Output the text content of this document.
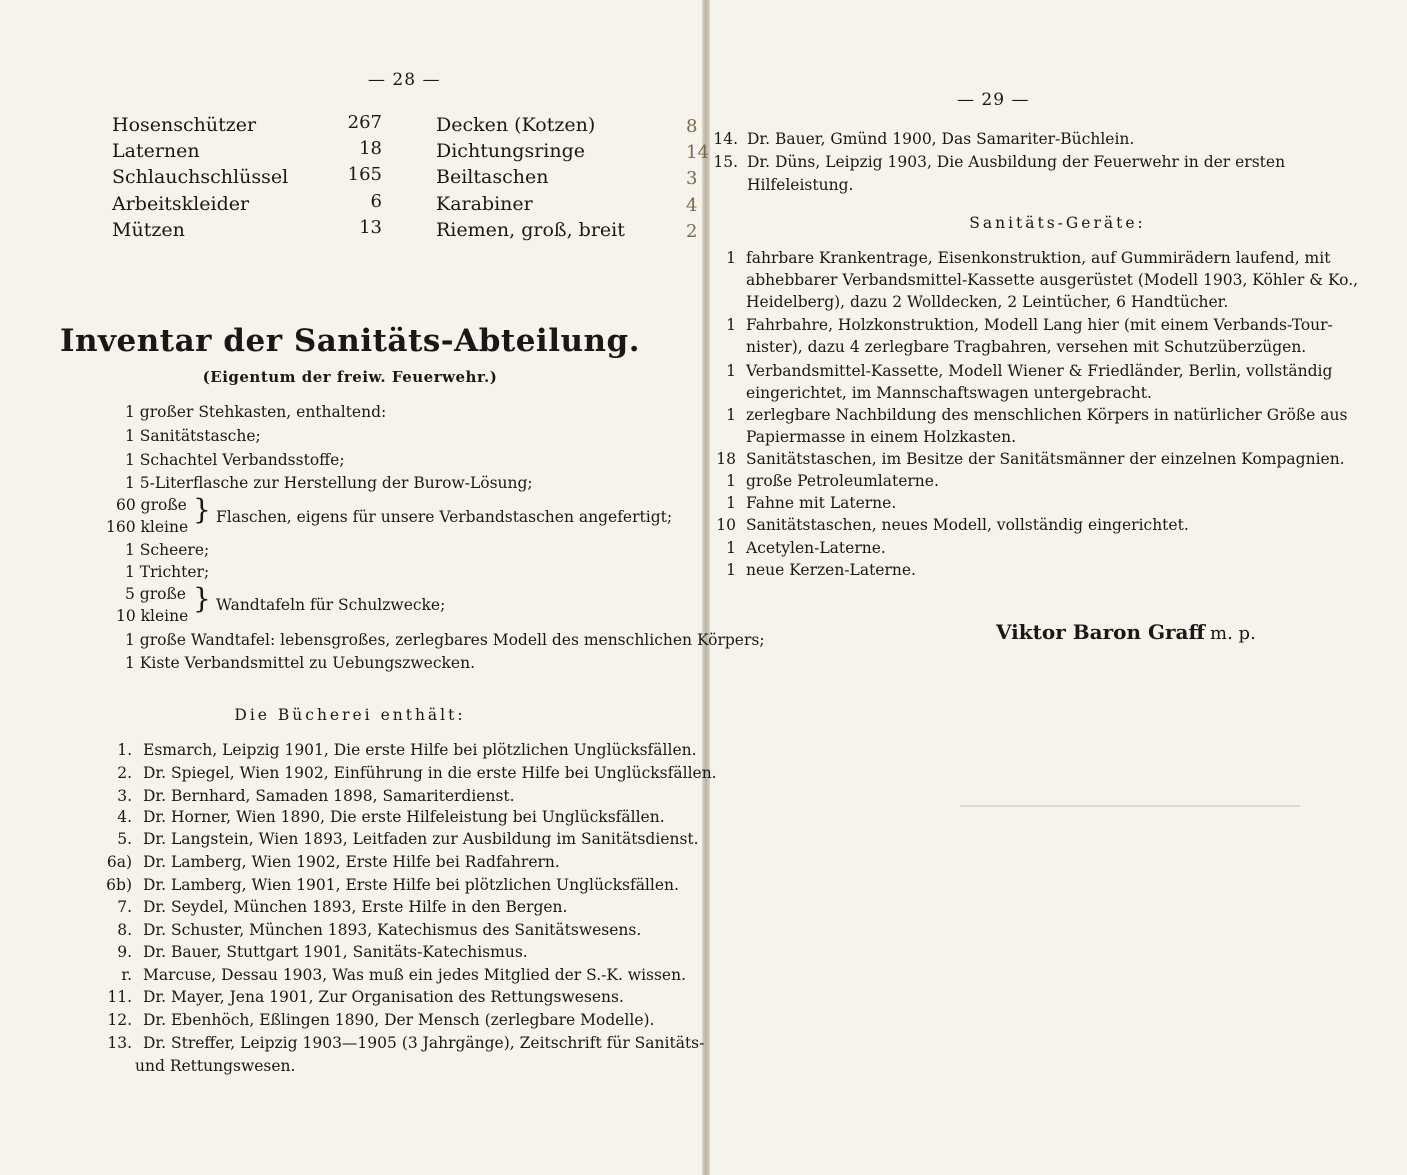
— 28 —
Hosenschützer	267
Laternen	18
Schlauchschlüssel	165
Arbeitskleider	6
Mützen	13
Decken (Kotzen)	8
Dichtungsringe	14
Beiltaschen	3
Karabiner	4
Riemen, groß, breit	2
Inventar der Sanitäts-Abteilung.
(Eigentum der freiw. Feuerwehr.)
1 großer Stehkasten, enthaltend:
1 Sanitätstasche;
1 Schachtel Verbandsstoffe;
1 5-Literflasche zur Herstellung der Burow-Lösung;
60 große
160 kleine
} Flaschen, eigens für unsere Verbandstaschen angefertigt;
1 Scheere;
1 Trichter;
5 große
10 kleine
} Wandtafeln für Schulzwecke;
1 große Wandtafel: lebensgroßes, zerlegbares Modell des menschlichen Körpers;
1 Kiste Verbandsmittel zu Uebungszwecken.
Die Bücherei enthält:
1. Esmarch, Leipzig 1901, Die erste Hilfe bei plötzlichen Unglücksfällen.
2. Dr. Spiegel, Wien 1902, Einführung in die erste Hilfe bei Unglücksfällen.
3. Dr. Bernhard, Samaden 1898, Samariterdienst.
4. Dr. Horner, Wien 1890, Die erste Hilfeleistung bei Unglücksfällen.
5. Dr. Langstein, Wien 1893, Leitfaden zur Ausbildung im Sanitätsdienst.
6a) Dr. Lamberg, Wien 1902, Erste Hilfe bei Radfahrern.
6b) Dr. Lamberg, Wien 1901, Erste Hilfe bei plötzlichen Unglücksfällen.
7. Dr. Seydel, München 1893, Erste Hilfe in den Bergen.
8. Dr. Schuster, München 1893, Katechismus des Sanitätswesens.
9. Dr. Bauer, Stuttgart 1901, Sanitäts-Katechismus.
r. Marcuse, Dessau 1903, Was muß ein jedes Mitglied der S.-K. wissen.
11. Dr. Mayer, Jena 1901, Zur Organisation des Rettungswesens.
12. Dr. Ebenhöch, Eßlingen 1890, Der Mensch (zerlegbare Modelle).
13. Dr. Streffer, Leipzig 1903—1905 (3 Jahrgänge), Zeitschrift für Sanitäts-
und Rettungswesen.
— 29 —
14. Dr. Bauer, Gmünd 1900, Das Samariter-Büchlein.
15. Dr. Düns, Leipzig 1903, Die Ausbildung der Feuerwehr in der ersten
Hilfeleistung.
Sanitäts-Geräte:
1 fahrbare Krankentrage, Eisenkonstruktion, auf Gummirädern laufend, mit
abhebbarer Verbandsmittel-Kassette ausgerüstet (Modell 1903, Köhler & Ko.,
Heidelberg), dazu 2 Wolldecken, 2 Leintücher, 6 Handtücher.
1 Fahrbahre, Holzkonstruktion, Modell Lang hier (mit einem Verbands-Tour-
nister), dazu 4 zerlegbare Tragbahren, versehen mit Schutzüberzügen.
1 Verbandsmittel-Kassette, Modell Wiener & Friedländer, Berlin, vollständig
eingerichtet, im Mannschaftswagen untergebracht.
1 zerlegbare Nachbildung des menschlichen Körpers in natürlicher Größe aus
Papiermasse in einem Holzkasten.
18 Sanitätstaschen, im Besitze der Sanitätsmänner der einzelnen Kompagnien.
1 große Petroleumlaterne.
1 Fahne mit Laterne.
10 Sanitätstaschen, neues Modell, vollständig eingerichtet.
1 Acetylen-Laterne.
1 neue Kerzen-Laterne.
Viktor Baron Graff m. p.
